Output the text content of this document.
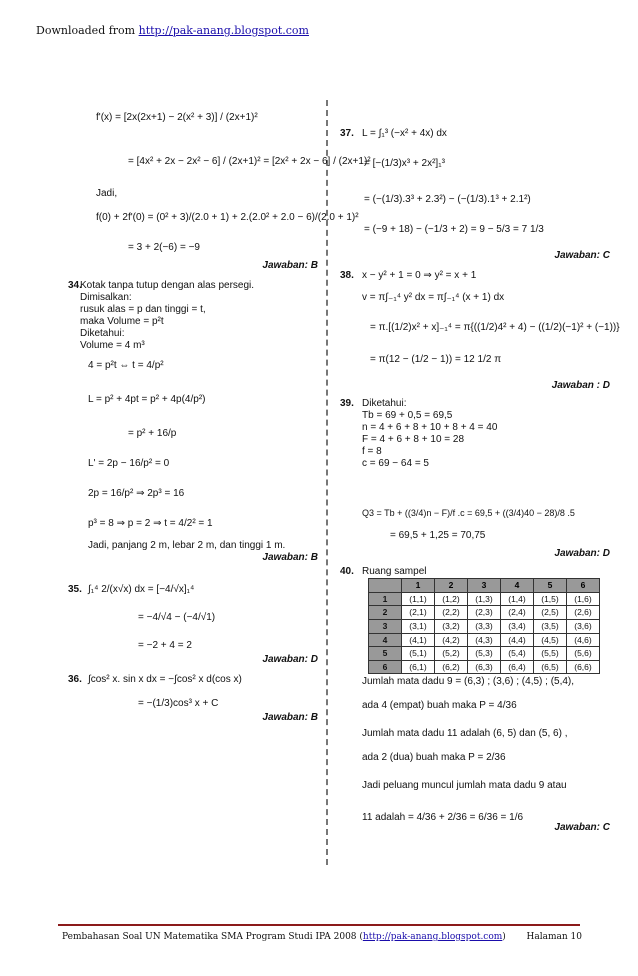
Downloaded from http://pak-anang.blogspot.com
f'(x) = [2x(2x+1) − 2(x² + 3)] / (2x+1)²
= [4x² + 2x − 2x² − 6] / (2x+1)² = [2x² + 2x − 6] / (2x+1)²
Jadi,
f(0) + 2f'(0) = (0² + 3)/(2.0 + 1) + 2.(2.0² + 2.0 − 6)/(2.0 + 1)²
= 3 + 2(−6) = −9
Jawaban: B
34.
Kotak tanpa tutup dengan alas persegi.
Dimisalkan:
rusuk alas = p dan tinggi = t,
maka Volume = p²t
Diketahui:
Volume = 4 m³
4 = p²t ⇔ t = 4/p²
L = p² + 4pt = p² + 4p(4/p²)
= p² + 16/p
L' = 2p − 16/p² = 0
2p = 16/p² ⇒ 2p³ = 16
p³ = 8 ⇒ p = 2 ⇒ t = 4/2² = 1
Jadi, panjang 2 m, lebar 2 m, dan tinggi 1 m.
Jawaban: B
35. ∫₁⁴ 2/(x√x) dx = [−4/√x]₁⁴
= −4/√4 − (−4/√1)
= −2 + 4 = 2
Jawaban: D
36. ∫cos² x. sin x dx = −∫cos² x d(cos x)
= −(1/3)cos³ x + C
Jawaban: B
37. L = ∫₁³ (−x² + 4x) dx
= [−(1/3)x³ + 2x²]₁³
= (−(1/3).3³ + 2.3²) − (−(1/3).1³ + 2.1²)
= (−9 + 18) − (−1/3 + 2) = 9 − 5/3 = 7 1/3
Jawaban: C
38. x − y² + 1 = 0 ⇒ y² = x + 1
v = π∫₋₁⁴ y² dx = π∫₋₁⁴ (x + 1) dx
= π.[(1/2)x² + x]₋₁⁴ = π{((1/2)4² + 4) − ((1/2)(−1)² + (−1))}
= π(12 − (1/2 − 1)) = 12 1/2 π
Jawaban : D
39. Diketahui:
Tb = 69 + 0,5 = 69,5
n = 4 + 6 + 8 + 10 + 8 + 4 = 40
F = 4 + 6 + 8 + 10 = 28
f = 8
c = 69 − 64 = 5
Q3 = Tb + ((3/4)n − F)/f .c = 69,5 + ((3/4)40 − 28)/8 .5
= 69,5 + 1,25 = 70,75
Jawaban: D
40. Ruang sampel
	1	2	3	4	5	6
1	(1,1)	(1,2)	(1,3)	(1,4)	(1,5)	(1,6)
2	(2,1)	(2,2)	(2,3)	(2,4)	(2,5)	(2,6)
3	(3,1)	(3,2)	(3,3)	(3,4)	(3,5)	(3,6)
4	(4,1)	(4,2)	(4,3)	(4,4)	(4,5)	(4,6)
5	(5,1)	(5,2)	(5,3)	(5,4)	(5,5)	(5,6)
6	(6,1)	(6,2)	(6,3)	(6,4)	(6,5)	(6,6)
Jumlah mata dadu 9 = (6,3) ; (3,6) ; (4,5) ; (5,4),
ada 4 (empat) buah maka P = 4/36
Jumlah mata dadu 11 adalah (6, 5) dan (5, 6) ,
ada 2 (dua) buah maka P = 2/36
Jadi peluang muncul jumlah mata dadu 9 atau
11 adalah = 4/36 + 2/36 = 6/36 = 1/6
Jawaban: C
Pembahasan Soal UN Matematika SMA Program Studi IPA 2008 (http://pak-anang.blogspot.com) Halaman 10
